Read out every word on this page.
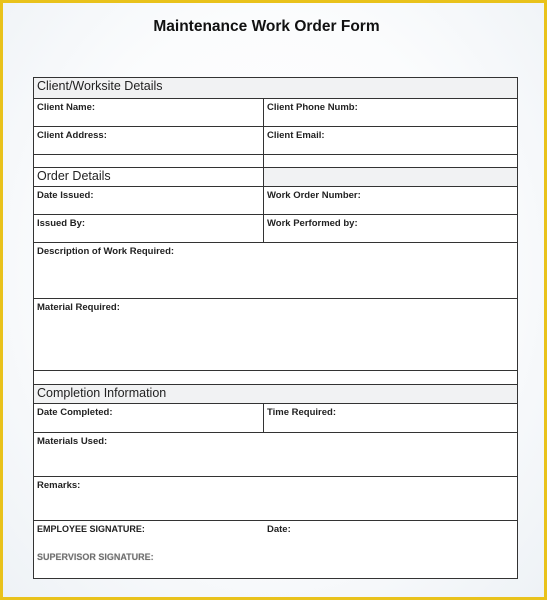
Maintenance Work Order Form
Client/Worksite Details
Client Name:	Client Phone Numb:
Client Address:	Client Email:
Order Details
Date Issued:	Work Order Number:
Issued By:	Work Performed by:
Description of Work Required:
Material Required:
Completion Information
Date Completed:	Time Required:
Materials Used:
Remarks:
EMPLOYEE SIGNATURE:	Date:
SUPERVISOR SIGNATURE:
